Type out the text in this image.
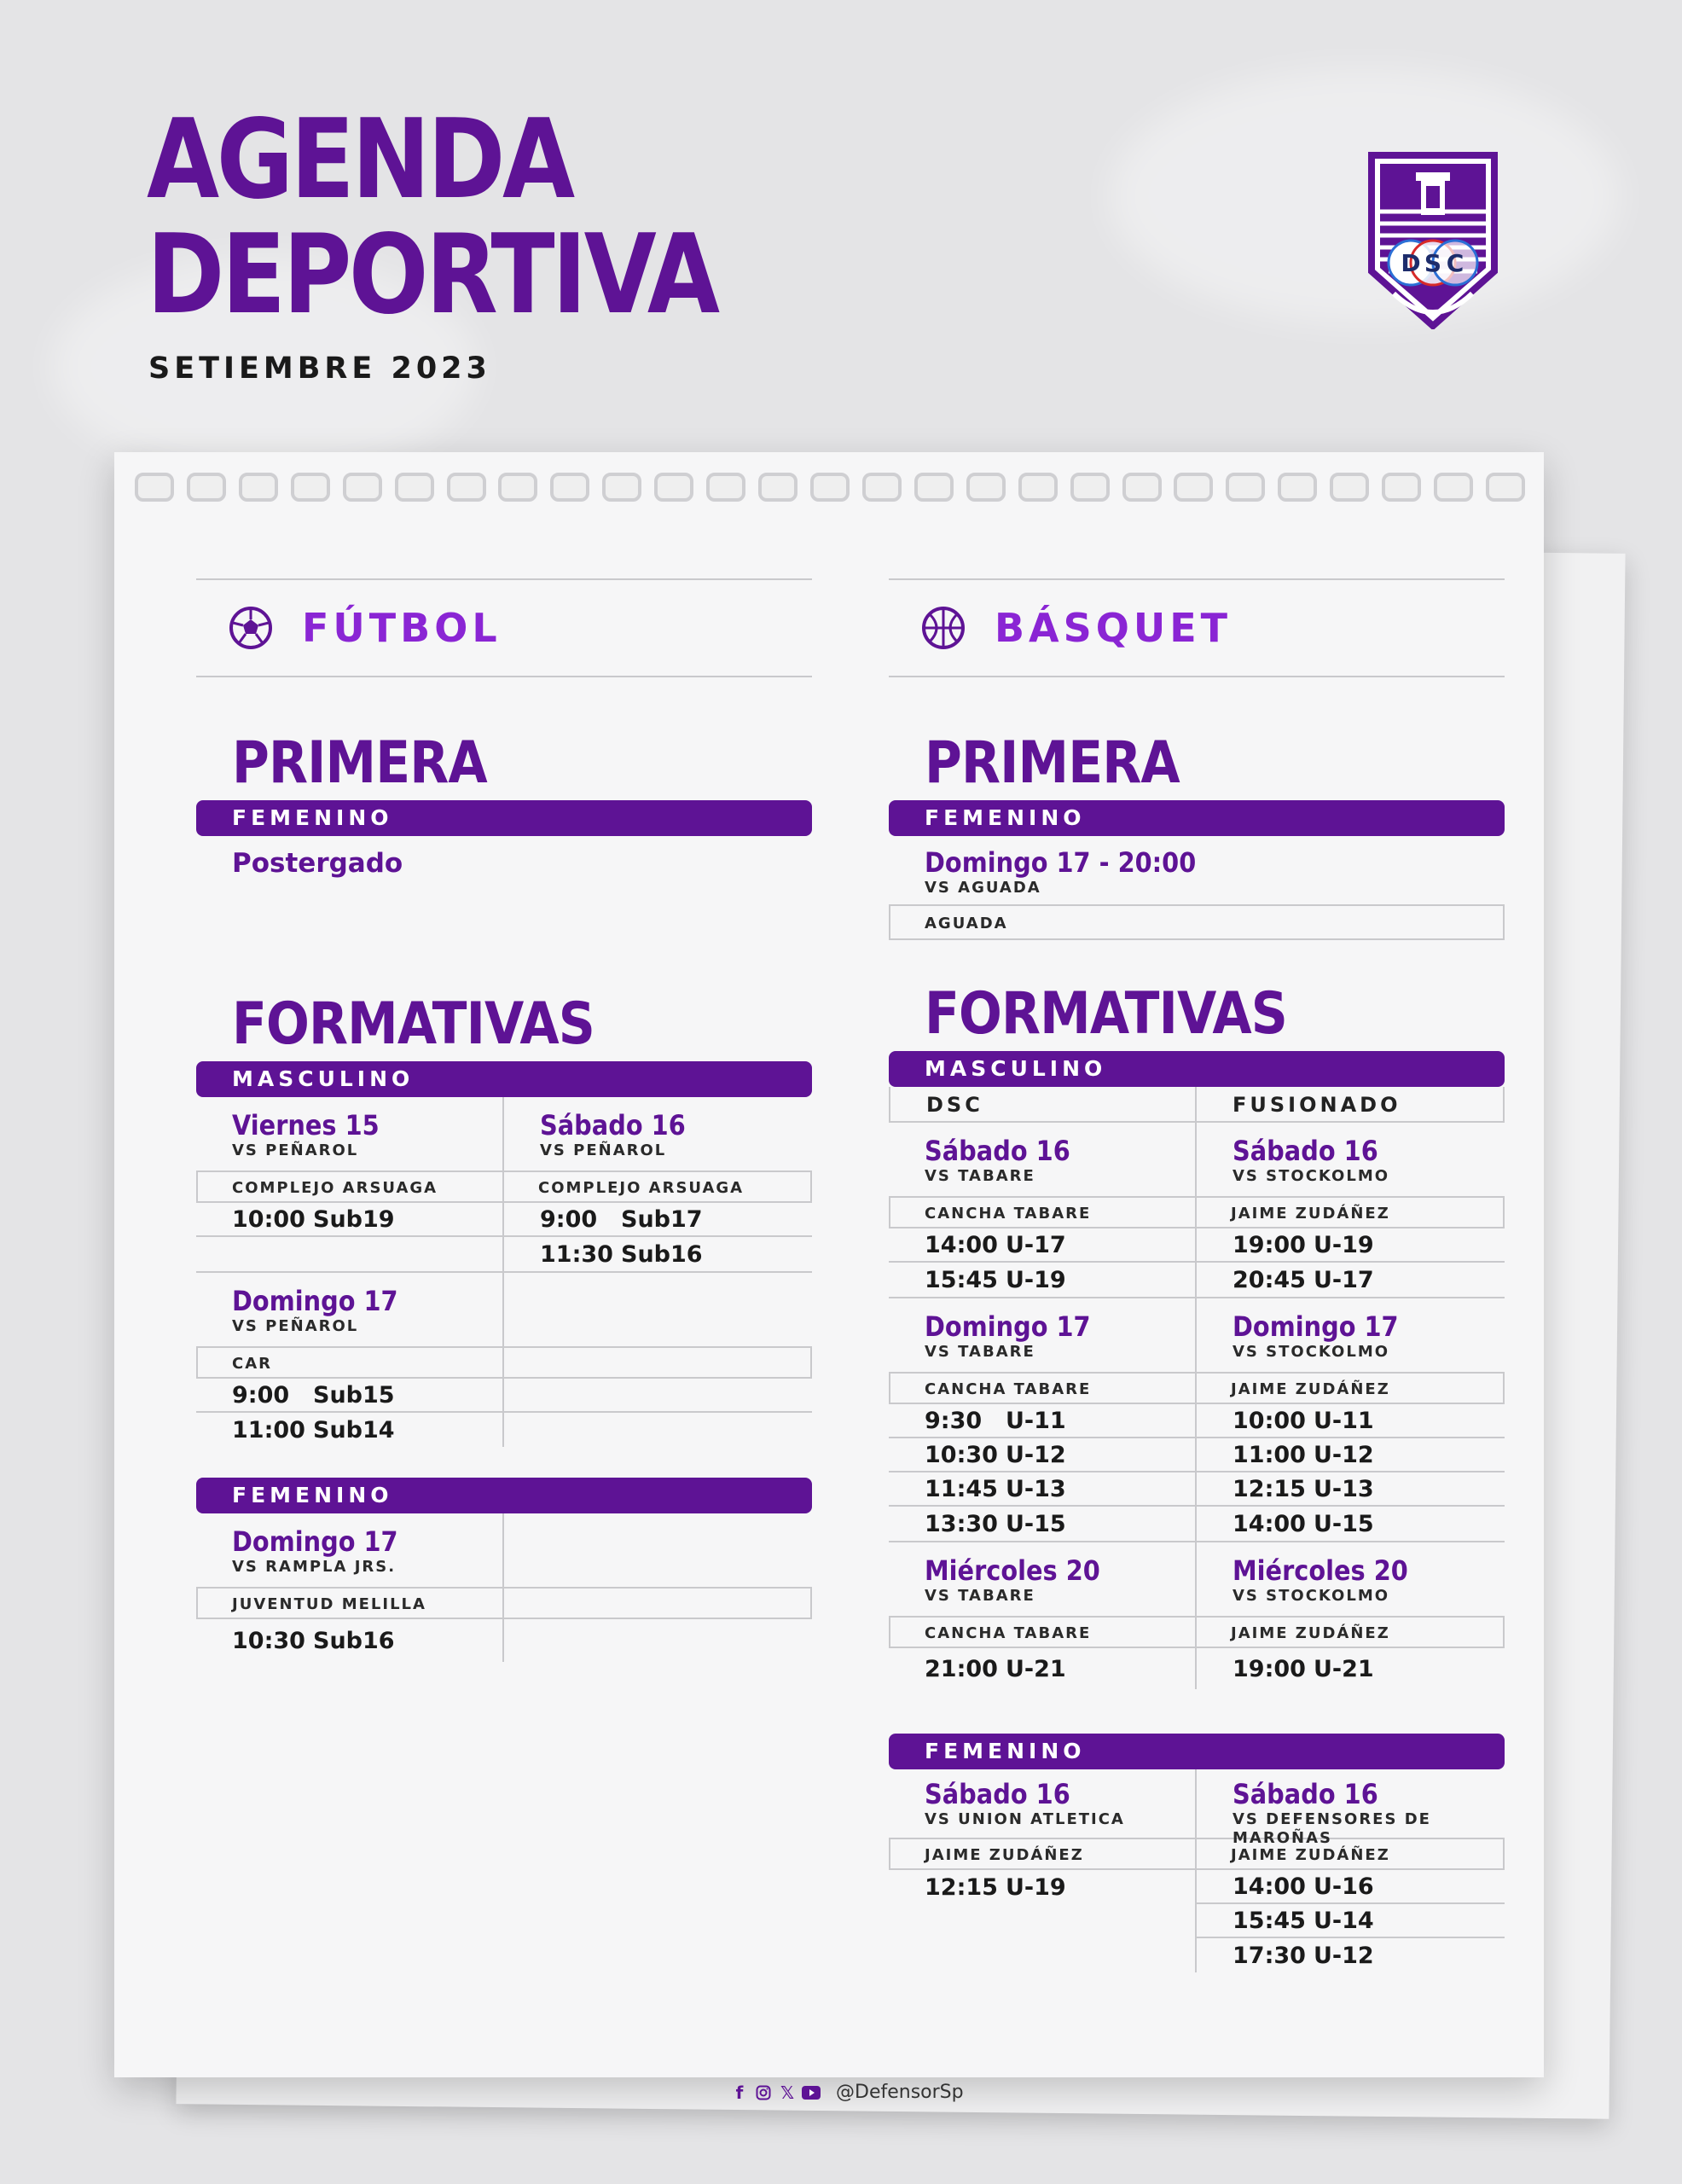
AGENDA
DEPORTIVA
SETIEMBRE 2023
D S C
FÚTBOL
PRIMERA
FEMENINO
Postergado
FORMATIVAS
MASCULINO
Viernes 15
VS PEÑAROL
COMPLEJO ARSUAGA
10:00 Sub19
Sábado 16
VS PEÑAROL
COMPLEJO ARSUAGA
9:00	Sub17
11:30 Sub16
Domingo 17
VS PEÑAROL
CAR
9:00	Sub15
11:00 Sub14
FEMENINO
Domingo 17
VS RAMPLA JRS.
JUVENTUD MELILLA
10:30 Sub16
BÁSQUET
PRIMERA
FEMENINO
Domingo 17 - 20:00
VS AGUADA
AGUADA
FORMATIVAS
MASCULINO
DSC	FUSIONADO
Sábado 16
VS TABARE
CANCHA TABARE
14:00 U-17
15:45 U-19
Sábado 16
VS STOCKOLMO
JAIME ZUDÁÑEZ
19:00 U-19
20:45 U-17
Domingo 17
VS TABARE
CANCHA TABARE
9:30	U-11
10:30 U-12
11:45 U-13
13:30 U-15
Domingo 17
VS STOCKOLMO
JAIME ZUDÁÑEZ
10:00 U-11
11:00 U-12
12:15 U-13
14:00 U-15
Miércoles 20
VS TABARE
CANCHA TABARE
21:00 U-21
Miércoles 20
VS STOCKOLMO
JAIME ZUDÁÑEZ
19:00 U-21
FEMENINO
Sábado 16
VS UNION ATLETICA
JAIME ZUDÁÑEZ
12:15 U-19
Sábado 16
VS DEFENSORES DE MAROÑAS
JAIME ZUDÁÑEZ
14:00 U-16
15:45 U-14
17:30 U-12
f	𝕏 @DefensorSp
